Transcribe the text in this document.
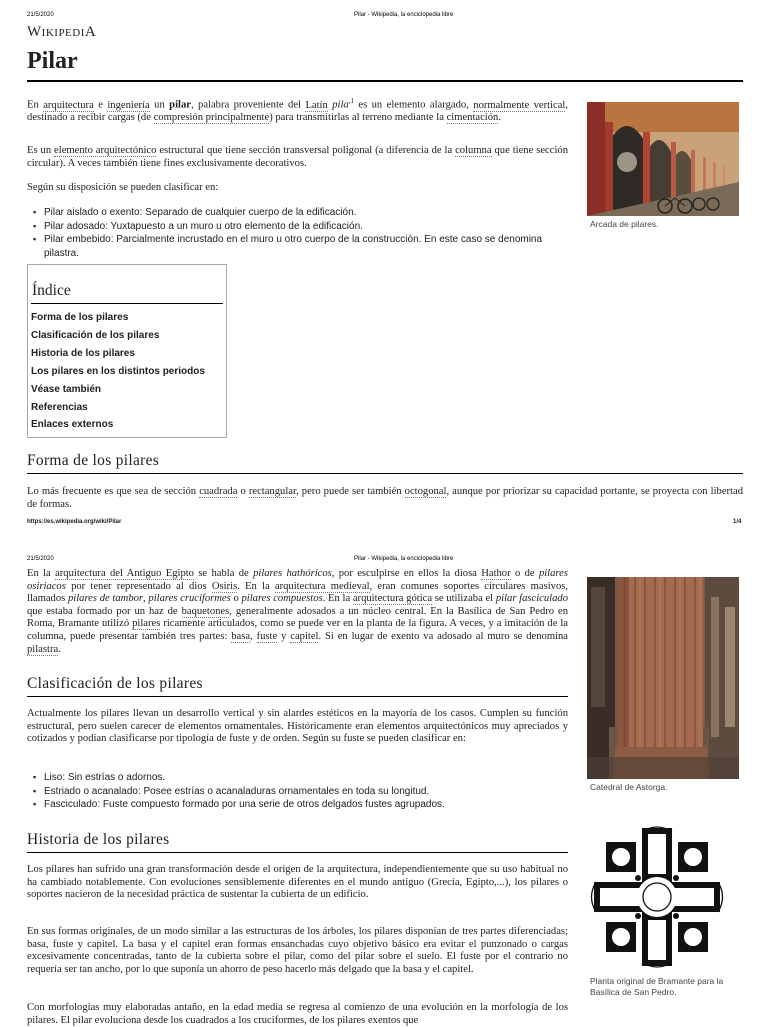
21/5/2020	Pilar - Wikipedia, la enciclopedia libre
WIKIPEDIA
Pilar

En arquitectura e ingeniería un pilar, palabra proveniente del Latín pila$^{,1}$ es un elemento alargado, normalmente vertical, destinado a recibir cargas (de compresión principalmente) para transmitirlas al terreno mediante la cimentación.

Es un elemento arquitectónico estructural que tiene sección transversal poligonal (a diferencia de la columna que tiene sección circular). A veces también tiene fines exclusivamente decorativos.

Según su disposición se pueden clasificar en:

▪ Pilar aislado o exento: Separado de cualquier cuerpo de la edificación.
▪ Pilar adosado: Yuxtapuesto a un muro u otro elemento de la edificación.
▪ Pilar embebido: Parcialmente incrustado en el muro u otro cuerpo de la construcción. En este caso se denomina pilastra.
Arcada de pilares.
Índice
Forma de los pilares
Clasificación de los pilares
Historia de los pilares
Los pilares en los distintos periodos
Véase también
Referencias
Enlaces externos
Forma de los pilares

Lo más frecuente es que sea de sección cuadrada o rectangular, pero puede ser también octogonal, aunque por priorizar su capacidad portante, se proyecta con libertad de formas.

https://es.wikipedia.org/wiki/Pilar	1/4
21/5/2020	Pilar - Wikipedia, la enciclopedia libre

En la arquitectura del Antiguo Egipto se habla de pilares hathóricos, por esculpirse en ellos la diosa Hathor o de pilares osiriacos por tener representado al dios Osiris. En la arquitectura medieval, eran comunes soportes circulares masivos, llamados pilares de tambor, pilares cruciformes o pilares compuestos. En la arquitectura gótica se utilizaba el pilar fasciculado que estaba formado por un haz de baquetones, generalmente adosados a un núcleo central. En la Basílica de San Pedro en Roma, Bramante utilizó pilares ricamente articulados, como se puede ver en la planta de la figura. A veces, y a imitación de la columna, puede presentar también tres partes: basa, fuste y capitel. Si en lugar de exento va adosado al muro se denomina pilastra.

Clasificación de los pilares

Actualmente los pilares llevan un desarrollo vertical y sin alardes estéticos en la mayoría de los casos. Cumplen su función estructural, pero suelen carecer de elementos ornamentales. Históricamente eran elementos arquitectónicos muy apreciados y cotizados y podían clasificarse por tipología de fuste y de orden. Según su fuste se pueden clasificar en:

▪ Liso: Sin estrías o adornos.
▪ Estriado o acanalado: Posee estrías o acanaladuras ornamentales en toda su longitud.
▪ Fasciculado: Fuste compuesto formado por una serie de otros delgados fustes agrupados.
Historia de los pilares

Los pilares han sufrido una gran transformación desde el origen de la arquitectura, independientemente que su uso habitual no ha cambiado notablemente. Con evoluciones sensiblemente diferentes en el mundo antiguo (Grecia, Egipto,...), los pilares o soportes nacieron de la necesidad práctica de sustentar la cubierta de un edificio.

En sus formas originales, de un modo similar a las estructuras de los árboles, los pilares disponían de tres partes diferenciadas; basa, fuste y capitel. La basa y el capitel eran formas ensanchadas cuyo objetivo básico era evitar el punzonado o cargas excesivamente concentradas, tanto de la cubierta sobre el pilar, como del pilar sobre el suelo. El fuste por el contrario no requería ser tan ancho, por lo que suponía un ahorro de peso hacerlo más delgado que la basa y el capitel.

Con morfologías muy elaboradas antaño, en la edad media se regresa al comienzo de una evolución en la morfología de los pilares. El pilar evoluciona desde los cuadrados a los cruciformes, de los pilares exentos que

Catedral de Astorga.
Planta original de Bramante para la Basílica de San Pedro.
